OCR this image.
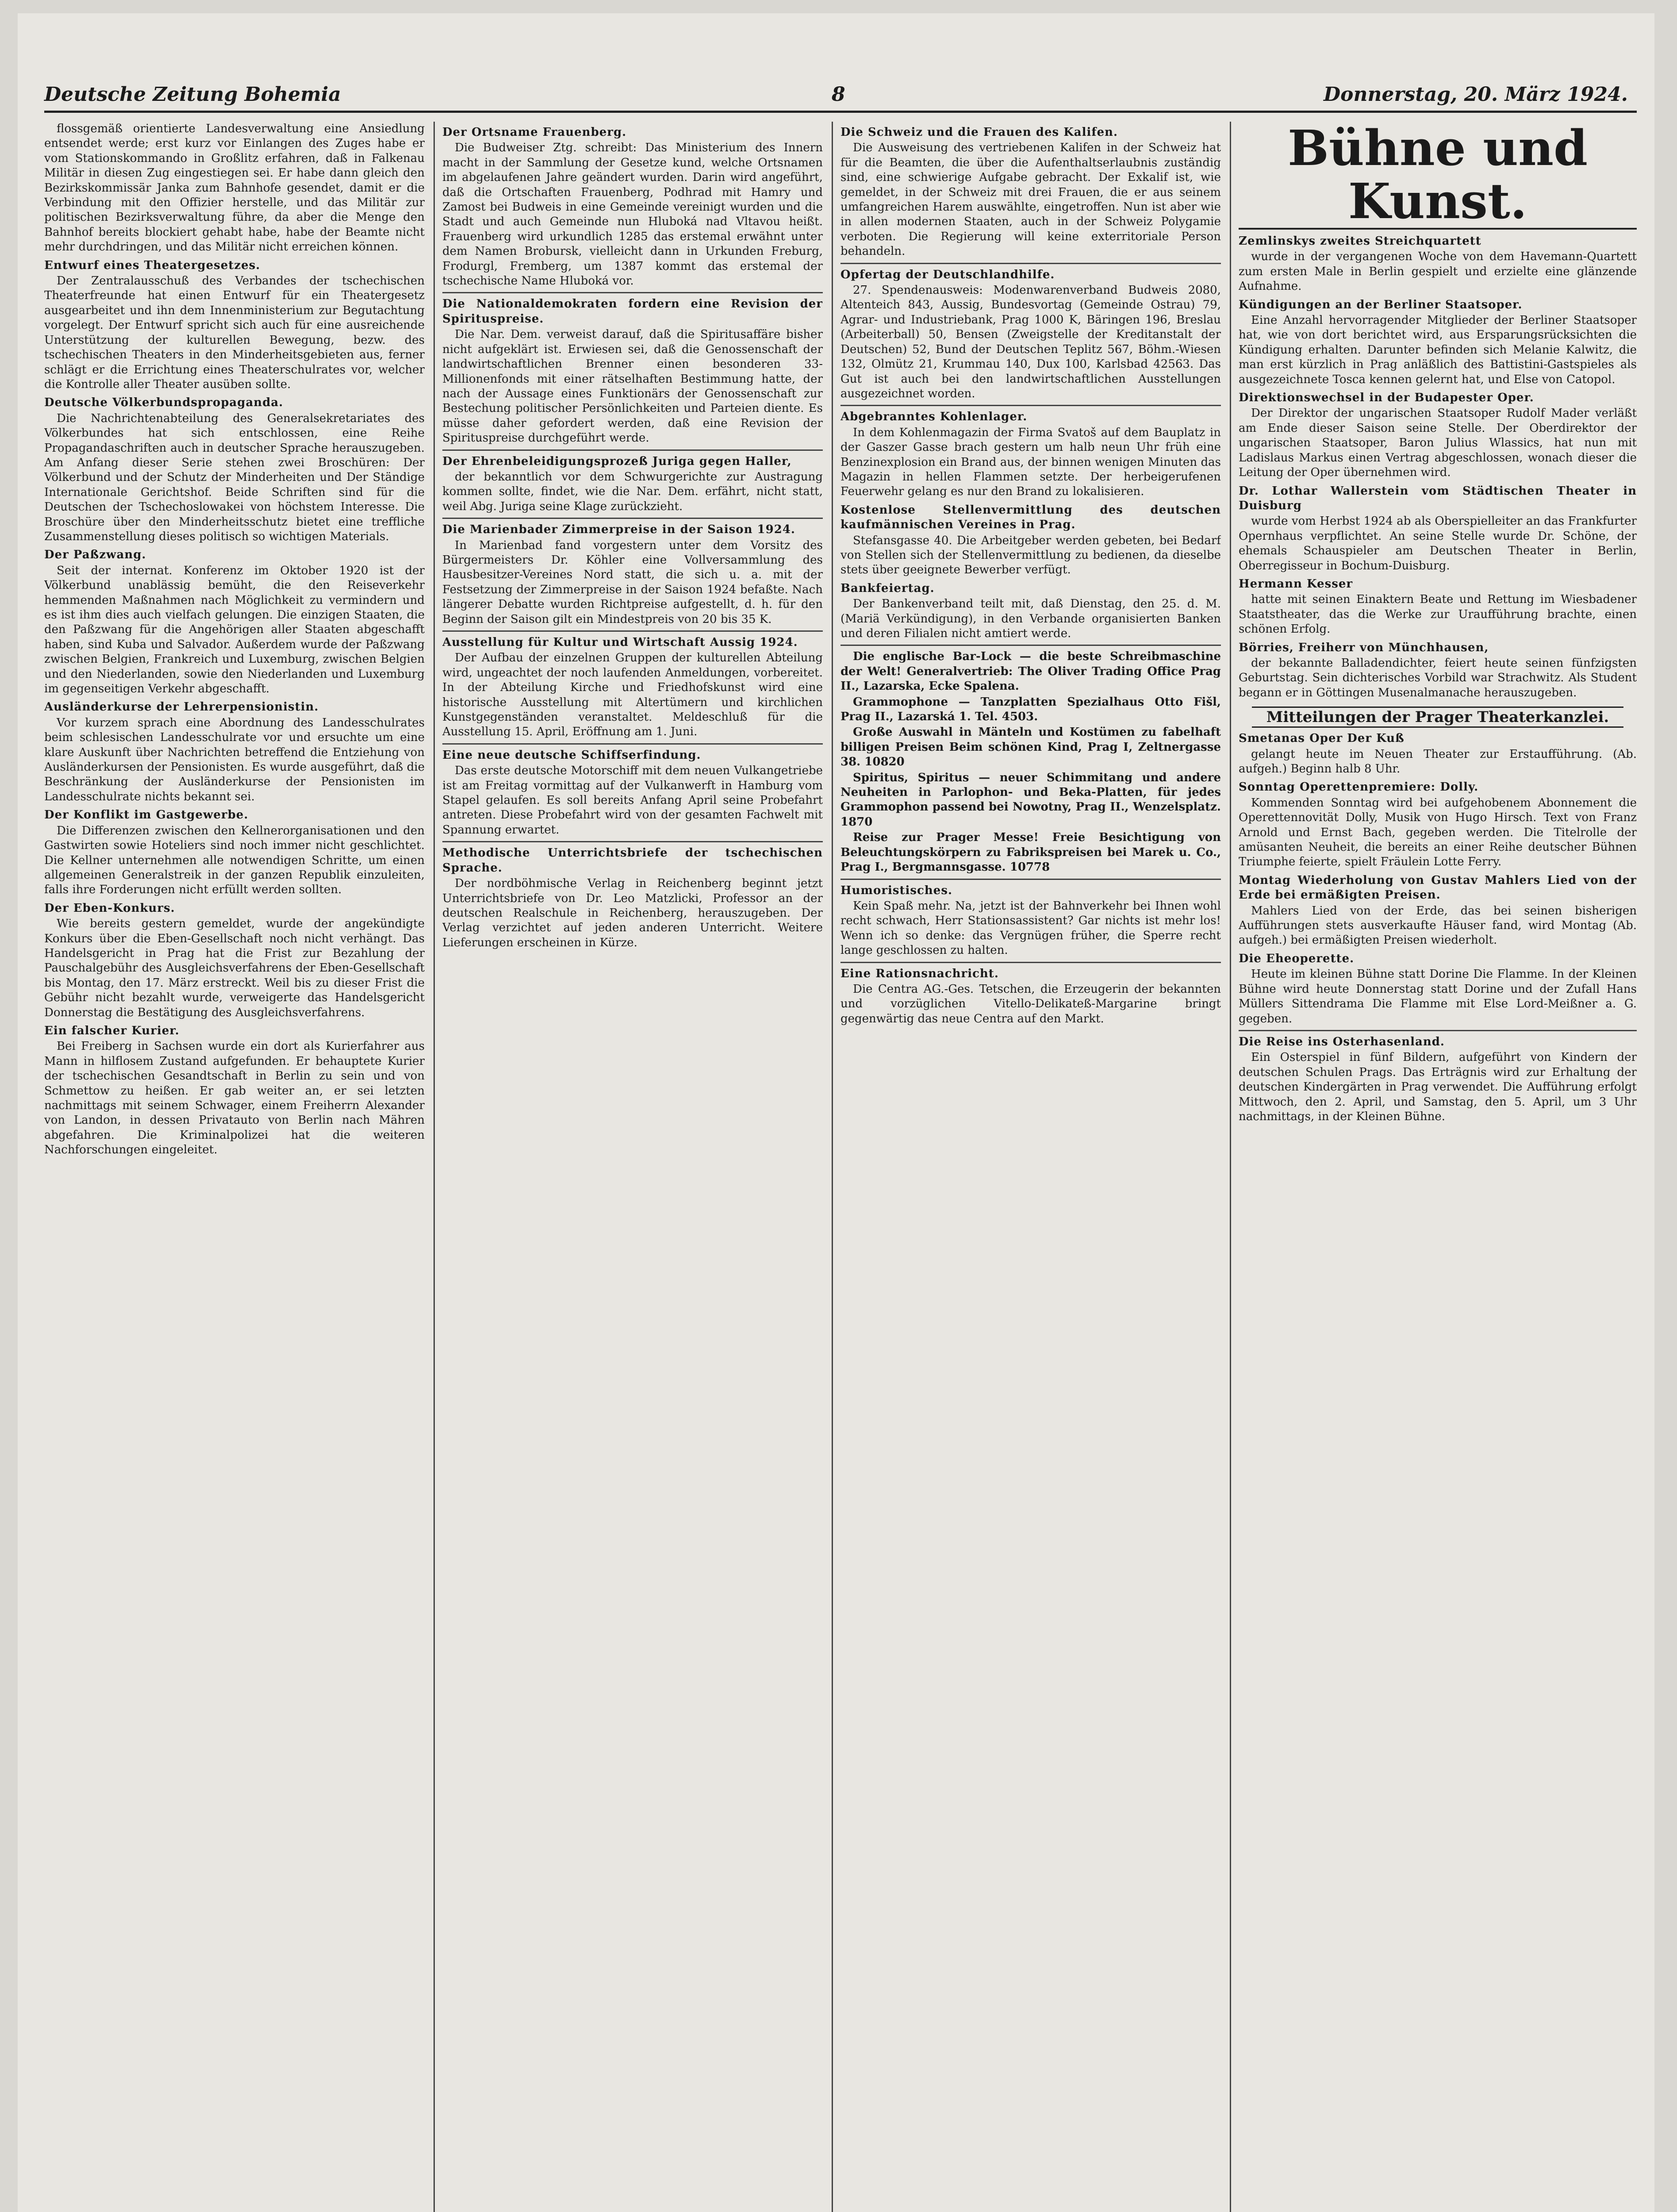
Deutsche Zeitung Bohemia	8	Donnerstag, 20. März 1924.

flossgemäß orientierte Landesverwaltung eine Ansiedlung entsendet werde; erst kurz vor Einlangen des Zuges habe er vom Stationskommando in Großlitz erfahren, daß in Falkenau Militär in diesen Zug eingestiegen sei. Er habe dann gleich den Bezirkskommissär Janka zum Bahnhofe gesendet, damit er die Verbindung mit den Offizier herstelle, und das Militär zur politischen Bezirksverwaltung führe, da aber die Menge den Bahnhof bereits blockiert gehabt habe, habe der Beamte nicht mehr durchdringen, und das Militär nicht erreichen können.

Entwurf eines Theatergesetzes.

Der Zentralausschuß des Verbandes der tschechischen Theaterfreunde hat einen Entwurf für ein Theatergesetz ausgearbeitet und ihn dem Innenministerium zur Begutachtung vorgelegt. Der Entwurf spricht sich auch für eine ausreichende Unterstützung der kulturellen Bewegung, bezw. des tschechischen Theaters in den Minderheitsgebieten aus, ferner schlägt er die Errichtung eines Theaterschulrates vor, welcher die Kontrolle aller Theater ausüben sollte.

Deutsche Völkerbundspropaganda.

Die Nachrichtenabteilung des Generalsekretariates des Völkerbundes hat sich entschlossen, eine Reihe Propagandaschriften auch in deutscher Sprache herauszugeben. Am Anfang dieser Serie stehen zwei Broschüren: Der Völkerbund und der Schutz der Minderheiten und Der Ständige Internationale Gerichtshof. Beide Schriften sind für die Deutschen der Tschechoslowakei von höchstem Interesse. Die Broschüre über den Minderheitsschutz bietet eine treffliche Zusammenstellung dieses politisch so wichtigen Materials.

Der Paßzwang.

Seit der internat. Konferenz im Oktober 1920 ist der Völkerbund unablässig bemüht, die den Reiseverkehr hemmenden Maßnahmen nach Möglichkeit zu vermindern und es ist ihm dies auch vielfach gelungen. Die einzigen Staaten, die den Paßzwang für die Angehörigen aller Staaten abgeschafft haben, sind Kuba und Salvador. Außerdem wurde der Paßzwang zwischen Belgien, Frankreich und Luxemburg, zwischen Belgien und den Niederlanden, sowie den Niederlanden und Luxemburg im gegenseitigen Verkehr abgeschafft.

Ausländerkurse der Lehrerpensionistin.

Vor kurzem sprach eine Abordnung des Landesschulrates beim schlesischen Landesschulrate vor und ersuchte um eine klare Auskunft über Nachrichten betreffend die Entziehung von Ausländerkursen der Pensionisten. Es wurde ausgeführt, daß die Beschränkung der Ausländerkurse der Pensionisten im Landesschulrate nichts bekannt sei.

Der Konflikt im Gastgewerbe.

Die Differenzen zwischen den Kellnerorganisationen und den Gastwirten sowie Hoteliers sind noch immer nicht geschlichtet. Die Kellner unternehmen alle notwendigen Schritte, um einen allgemeinen Generalstreik in der ganzen Republik einzuleiten, falls ihre Forderungen nicht erfüllt werden sollten.

Der Eben-Konkurs.

Wie bereits gestern gemeldet, wurde der angekündigte Konkurs über die Eben-Gesellschaft noch nicht verhängt. Das Handelsgericht in Prag hat die Frist zur Bezahlung der Pauschalgebühr des Ausgleichsverfahrens der Eben-Gesellschaft bis Montag, den 17. März erstreckt. Weil bis zu dieser Frist die Gebühr nicht bezahlt wurde, verweigerte das Handelsgericht Donnerstag die Bestätigung des Ausgleichsverfahrens.

Ein falscher Kurier.

Bei Freiberg in Sachsen wurde ein dort als Kurierfahrer aus Mann in hilflosem Zustand aufgefunden. Er behauptete Kurier der tschechischen Gesandtschaft in Berlin zu sein und von Schmettow zu heißen. Er gab weiter an, er sei letzten nachmittags mit seinem Schwager, einem Freiherrn Alexander von Landon, in dessen Privatauto von Berlin nach Mähren abgefahren. Die Kriminalpolizei hat die weiteren Nachforschungen eingeleitet.

Der Ortsname Frauenberg.

Die Budweiser Ztg. schreibt: Das Ministerium des Innern macht in der Sammlung der Gesetze kund, welche Ortsnamen im abgelaufenen Jahre geändert wurden. Darin wird angeführt, daß die Ortschaften Frauenberg, Podhrad mit Hamry und Zamost bei Budweis in eine Gemeinde vereinigt wurden und die Stadt und auch Gemeinde nun Hluboká nad Vltavou heißt. Frauenberg wird urkundlich 1285 das erstemal erwähnt unter dem Namen Brobursk, vielleicht dann in Urkunden Freburg, Frodurgl, Fremberg, um 1387 kommt das erstemal der tschechische Name Hluboká vor.

Die Nationaldemokraten fordern eine Revision der Spirituspreise.

Die Nar. Dem. verweist darauf, daß die Spiritusaffäre bisher nicht aufgeklärt ist. Erwiesen sei, daß die Genossenschaft der landwirtschaftlichen Brenner einen besonderen 33-Millionenfonds mit einer rätselhaften Bestimmung hatte, der nach der Aussage eines Funktionärs der Genossenschaft zur Bestechung politischer Persönlichkeiten und Parteien diente. Es müsse daher gefordert werden, daß eine Revision der Spirituspreise durchgeführt werde.

Der Ehrenbeleidigungsprozeß Juriga gegen Haller,

der bekanntlich vor dem Schwurgerichte zur Austragung kommen sollte, findet, wie die Nar. Dem. erfährt, nicht statt, weil Abg. Juriga seine Klage zurückzieht.

Die Marienbader Zimmerpreise in der Saison 1924.

In Marienbad fand vorgestern unter dem Vorsitz des Bürgermeisters Dr. Köhler eine Vollversammlung des Hausbesitzer-Vereines Nord statt, die sich u. a. mit der Festsetzung der Zimmerpreise in der Saison 1924 befaßte. Nach längerer Debatte wurden Richtpreise aufgestellt, d. h. für den Beginn der Saison gilt ein Mindestpreis von 20 bis 35 K.

Ausstellung für Kultur und Wirtschaft Aussig 1924.

Der Aufbau der einzelnen Gruppen der kulturellen Abteilung wird, ungeachtet der noch laufenden Anmeldungen, vorbereitet. In der Abteilung Kirche und Friedhofskunst wird eine historische Ausstellung mit Altertümern und kirchlichen Kunstgegenständen veranstaltet. Meldeschluß für die Ausstellung 15. April, Eröffnung am 1. Juni.

Eine neue deutsche Schiffserfindung.

Das erste deutsche Motorschiff mit dem neuen Vulkangetriebe ist am Freitag vormittag auf der Vulkanwerft in Hamburg vom Stapel gelaufen. Es soll bereits Anfang April seine Probefahrt antreten. Diese Probefahrt wird von der gesamten Fachwelt mit Spannung erwartet.

Methodische Unterrichtsbriefe der tschechischen Sprache.

Der nordböhmische Verlag in Reichenberg beginnt jetzt Unterrichtsbriefe von Dr. Leo Matzlicki, Professor an der deutschen Realschule in Reichenberg, herauszugeben. Der Verlag verzichtet auf jeden anderen Unterricht. Weitere Lieferungen erscheinen in Kürze.

Die Schweiz und die Frauen des Kalifen.

Die Ausweisung des vertriebenen Kalifen in der Schweiz hat für die Beamten, die über die Aufenthaltserlaubnis zuständig sind, eine schwierige Aufgabe gebracht. Der Exkalif ist, wie gemeldet, in der Schweiz mit drei Frauen, die er aus seinem umfangreichen Harem auswählte, eingetroffen. Nun ist aber wie in allen modernen Staaten, auch in der Schweiz Polygamie verboten. Die Regierung will keine exterritoriale Person behandeln.

Opfertag der Deutschlandhilfe.

27. Spendenausweis: Modenwarenverband Budweis 2080, Altenteich 843, Aussig, Bundesvortag (Gemeinde Ostrau) 79, Agrar- und Industriebank, Prag 1000 K, Bäringen 196, Breslau (Arbeiterball) 50, Bensen (Zweigstelle der Kreditanstalt der Deutschen) 52, Bund der Deutschen Teplitz 567, Böhm.-Wiesen 132, Olmütz 21, Krummau 140, Dux 100, Karlsbad 42563. Das Gut ist auch bei den landwirtschaftlichen Ausstellungen ausgezeichnet worden.

Abgebranntes Kohlenlager.

In dem Kohlenmagazin der Firma Svatoš auf dem Bauplatz in der Gaszer Gasse brach gestern um halb neun Uhr früh eine Benzinexplosion ein Brand aus, der binnen wenigen Minuten das Magazin in hellen Flammen setzte. Der herbeigerufenen Feuerwehr gelang es nur den Brand zu lokalisieren.

Kostenlose Stellenvermittlung des deutschen kaufmännischen Vereines in Prag.

Stefansgasse 40. Die Arbeitgeber werden gebeten, bei Bedarf von Stellen sich der Stellenvermittlung zu bedienen, da dieselbe stets über geeignete Bewerber verfügt.

Bankfeiertag.

Der Bankenverband teilt mit, daß Dienstag, den 25. d. M. (Mariä Verkündigung), in den Verbande organisierten Banken und deren Filialen nicht amtiert werde.

Die englische Bar-Lock — die beste Schreibmaschine der Welt! Generalvertrieb: The Oliver Trading Office Prag II., Lazarska, Ecke Spalena.

Grammophone — Tanzplatten Spezialhaus Otto Fišl, Prag II., Lazarská 1. Tel. 4503.

Große Auswahl in Mänteln und Kostümen zu fabelhaft billigen Preisen Beim schönen Kind, Prag I, Zeltnergasse 38. 10820

Spiritus, Spiritus — neuer Schimmitang und andere Neuheiten in Parlophon- und Beka-Platten, für jedes Grammophon passend bei Nowotny, Prag II., Wenzelsplatz. 1870

Reise zur Prager Messe! Freie Besichtigung von Beleuchtungskörpern zu Fabrikspreisen bei Marek u. Co., Prag I., Bergmannsgasse. 10778

Humoristisches.

Kein Spaß mehr. Na, jetzt ist der Bahnverkehr bei Ihnen wohl recht schwach, Herr Stationsassistent? Gar nichts ist mehr los! Wenn ich so denke: das Vergnügen früher, die Sperre recht lange geschlossen zu halten.

Eine Rationsnachricht.

Die Centra AG.-Ges. Tetschen, die Erzeugerin der bekannten und vorzüglichen Vitello-Delikateß-Margarine bringt gegenwärtig das neue Centra auf den Markt.

Bühne und Kunst.
Zemlinskys zweites Streichquartett

wurde in der vergangenen Woche von dem Havemann-Quartett zum ersten Male in Berlin gespielt und erzielte eine glänzende Aufnahme.

Kündigungen an der Berliner Staatsoper.

Eine Anzahl hervorragender Mitglieder der Berliner Staatsoper hat, wie von dort berichtet wird, aus Ersparungsrücksichten die Kündigung erhalten. Darunter befinden sich Melanie Kalwitz, die man erst kürzlich in Prag anläßlich des Battistini-Gastspieles als ausgezeichnete Tosca kennen gelernt hat, und Else von Catopol.

Direktionswechsel in der Budapester Oper.

Der Direktor der ungarischen Staatsoper Rudolf Mader verläßt am Ende dieser Saison seine Stelle. Der Oberdirektor der ungarischen Staatsoper, Baron Julius Wlassics, hat nun mit Ladislaus Markus einen Vertrag abgeschlossen, wonach dieser die Leitung der Oper übernehmen wird.

Dr. Lothar Wallerstein vom Städtischen Theater in Duisburg

wurde vom Herbst 1924 ab als Oberspielleiter an das Frankfurter Opernhaus verpflichtet. An seine Stelle wurde Dr. Schöne, der ehemals Schauspieler am Deutschen Theater in Berlin, Oberregisseur in Bochum-Duisburg.

Hermann Kesser

hatte mit seinen Einaktern Beate und Rettung im Wiesbadener Staatstheater, das die Werke zur Uraufführung brachte, einen schönen Erfolg.

Börries, Freiherr von Münchhausen,

der bekannte Balladendichter, feiert heute seinen fünfzigsten Geburtstag. Sein dichterisches Vorbild war Strachwitz. Als Student begann er in Göttingen Musenalmanache herauszugeben.

Mitteilungen der Prager Theaterkanzlei.
Smetanas Oper Der Kuß

gelangt heute im Neuen Theater zur Erstaufführung. (Ab. aufgeh.) Beginn halb 8 Uhr.

Sonntag Operettenpremiere: Dolly.

Kommenden Sonntag wird bei aufgehobenem Abonnement die Operettennovität Dolly, Musik von Hugo Hirsch. Text von Franz Arnold und Ernst Bach, gegeben werden. Die Titelrolle der amüsanten Neuheit, die bereits an einer Reihe deutscher Bühnen Triumphe feierte, spielt Fräulein Lotte Ferry.

Montag Wiederholung von Gustav Mahlers Lied von der Erde bei ermäßigten Preisen.

Mahlers Lied von der Erde, das bei seinen bisherigen Aufführungen stets ausverkaufte Häuser fand, wird Montag (Ab. aufgeh.) bei ermäßigten Preisen wiederholt.

Die Eheoperette.

Heute im kleinen Bühne statt Dorine Die Flamme. In der Kleinen Bühne wird heute Donnerstag statt Dorine und der Zufall Hans Müllers Sittendrama Die Flamme mit Else Lord-Meißner a. G. gegeben.

Die Reise ins Osterhasenland.

Ein Osterspiel in fünf Bildern, aufgeführt von Kindern der deutschen Schulen Prags. Das Erträgnis wird zur Erhaltung der deutschen Kindergärten in Prag verwendet. Die Aufführung erfolgt Mittwoch, den 2. April, und Samstag, den 5. April, um 3 Uhr nachmittags, in der Kleinen Bühne.
